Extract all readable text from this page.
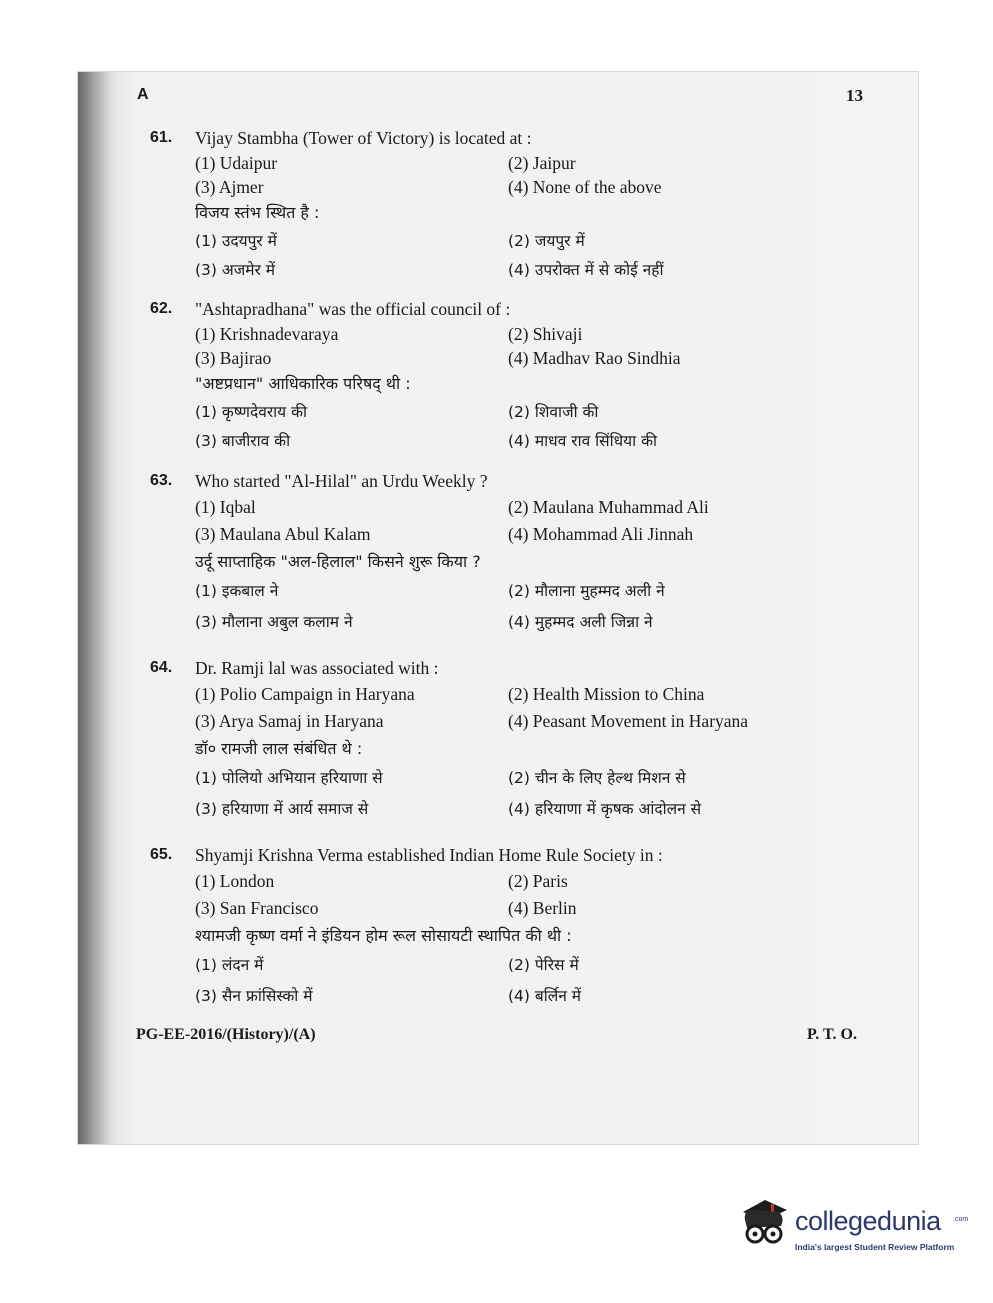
A	13
61.	Vijay Stambha (Tower of Victory) is located at :
(1) Udaipur	(2) Jaipur
(3) Ajmer	(4) None of the above
विजय स्तंभ स्थित है :
(1) उदयपुर में	(2) जयपुर में
(3) अजमेर में	(4) उपरोक्त में से कोई नहीं
62.	"Ashtapradhana" was the official council of :
(1) Krishnadevaraya	(2) Shivaji
(3) Bajirao	(4) Madhav Rao Sindhia
"अष्टप्रधान" आधिकारिक परिषद् थी :
(1) कृष्णदेवराय की	(2) शिवाजी की
(3) बाजीराव की	(4) माधव राव सिंधिया की
63.	Who started "Al-Hilal" an Urdu Weekly ?
(1) Iqbal	(2) Maulana Muhammad Ali
(3) Maulana Abul Kalam	(4) Mohammad Ali Jinnah
उर्दू साप्ताहिक "अल-हिलाल" किसने शुरू किया ?
(1) इकबाल ने	(2) मौलाना मुहम्मद अली ने
(3) मौलाना अबुल कलाम ने	(4) मुहम्मद अली जिन्ना ने
64.	Dr. Ramji lal was associated with :
(1) Polio Campaign in Haryana	(2) Health Mission to China
(3) Arya Samaj in Haryana	(4) Peasant Movement in Haryana
डॉ० रामजी लाल संबंधित थे :
(1) पोलियो अभियान हरियाणा से	(2) चीन के लिए हेल्थ मिशन से
(3) हरियाणा में आर्य समाज से	(4) हरियाणा में कृषक आंदोलन से
65.	Shyamji Krishna Verma established Indian Home Rule Society in :
(1) London	(2) Paris
(3) San Francisco	(4) Berlin
श्यामजी कृष्ण वर्मा ने इंडियन होम रूल सोसायटी स्थापित की थी :
(1) लंदन में	(2) पेरिस में
(3) सैन फ्रांसिस्को में	(4) बर्लिन में
PG-EE-2016/(History)/(A)	P. T. O.
collegedunia .com
India's largest Student Review Platform
